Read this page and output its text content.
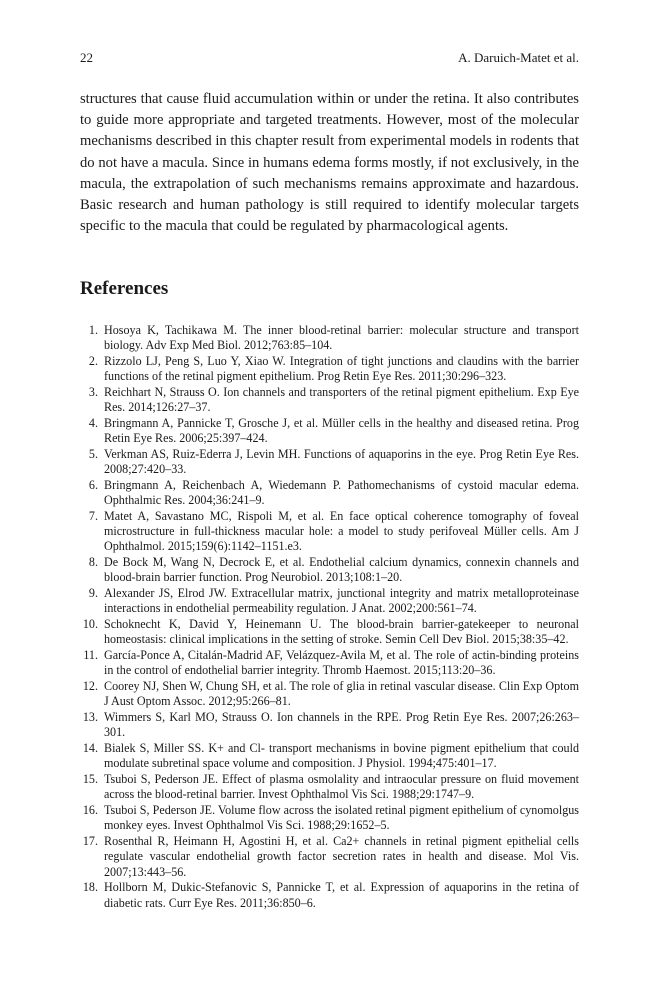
22	A. Daruich-Matet et al.

structures that cause fluid accumulation within or under the retina. It also contributes to guide more appropriate and targeted treatments. However, most of the molecular mechanisms described in this chapter result from experimental models in rodents that do not have a macula. Since in humans edema forms mostly, if not exclusively, in the macula, the extrapolation of such mechanisms remains approximate and hazardous. Basic research and human pathology is still required to identify molecular targets specific to the macula that could be regulated by pharmacological agents.

References
1. Hosoya K, Tachikawa M. The inner blood-retinal barrier: molecular structure and transport biology. Adv Exp Med Biol. 2012;763:85–104.
2. Rizzolo LJ, Peng S, Luo Y, Xiao W. Integration of tight junctions and claudins with the barrier functions of the retinal pigment epithelium. Prog Retin Eye Res. 2011;30:296–323.
3. Reichhart N, Strauss O. Ion channels and transporters of the retinal pigment epithelium. Exp Eye Res. 2014;126:27–37.
4. Bringmann A, Pannicke T, Grosche J, et al. Müller cells in the healthy and diseased retina. Prog Retin Eye Res. 2006;25:397–424.
5. Verkman AS, Ruiz-Ederra J, Levin MH. Functions of aquaporins in the eye. Prog Retin Eye Res. 2008;27:420–33.
6. Bringmann A, Reichenbach A, Wiedemann P. Pathomechanisms of cystoid macular edema. Ophthalmic Res. 2004;36:241–9.
7. Matet A, Savastano MC, Rispoli M, et al. En face optical coherence tomography of foveal microstructure in full-thickness macular hole: a model to study perifoveal Müller cells. Am J Ophthalmol. 2015;159(6):1142–1151.e3.
8. De Bock M, Wang N, Decrock E, et al. Endothelial calcium dynamics, connexin channels and blood-brain barrier function. Prog Neurobiol. 2013;108:1–20.
9. Alexander JS, Elrod JW. Extracellular matrix, junctional integrity and matrix metalloproteinase interactions in endothelial permeability regulation. J Anat. 2002;200:561–74.
10. Schoknecht K, David Y, Heinemann U. The blood-brain barrier-gatekeeper to neuronal homeostasis: clinical implications in the setting of stroke. Semin Cell Dev Biol. 2015;38:35–42.
11. García-Ponce A, Citalán-Madrid AF, Velázquez-Avila M, et al. The role of actin-binding proteins in the control of endothelial barrier integrity. Thromb Haemost. 2015;113:20–36.
12. Coorey NJ, Shen W, Chung SH, et al. The role of glia in retinal vascular disease. Clin Exp Optom J Aust Optom Assoc. 2012;95:266–81.
13. Wimmers S, Karl MO, Strauss O. Ion channels in the RPE. Prog Retin Eye Res. 2007;26:263–301.
14. Bialek S, Miller SS. K+ and Cl- transport mechanisms in bovine pigment epithelium that could modulate subretinal space volume and composition. J Physiol. 1994;475:401–17.
15. Tsuboi S, Pederson JE. Effect of plasma osmolality and intraocular pressure on fluid movement across the blood-retinal barrier. Invest Ophthalmol Vis Sci. 1988;29:1747–9.
16. Tsuboi S, Pederson JE. Volume flow across the isolated retinal pigment epithelium of cynomolgus monkey eyes. Invest Ophthalmol Vis Sci. 1988;29:1652–5.
17. Rosenthal R, Heimann H, Agostini H, et al. Ca2+ channels in retinal pigment epithelial cells regulate vascular endothelial growth factor secretion rates in health and disease. Mol Vis. 2007;13:443–56.
18. Hollborn M, Dukic-Stefanovic S, Pannicke T, et al. Expression of aquaporins in the retina of diabetic rats. Curr Eye Res. 2011;36:850–6.
